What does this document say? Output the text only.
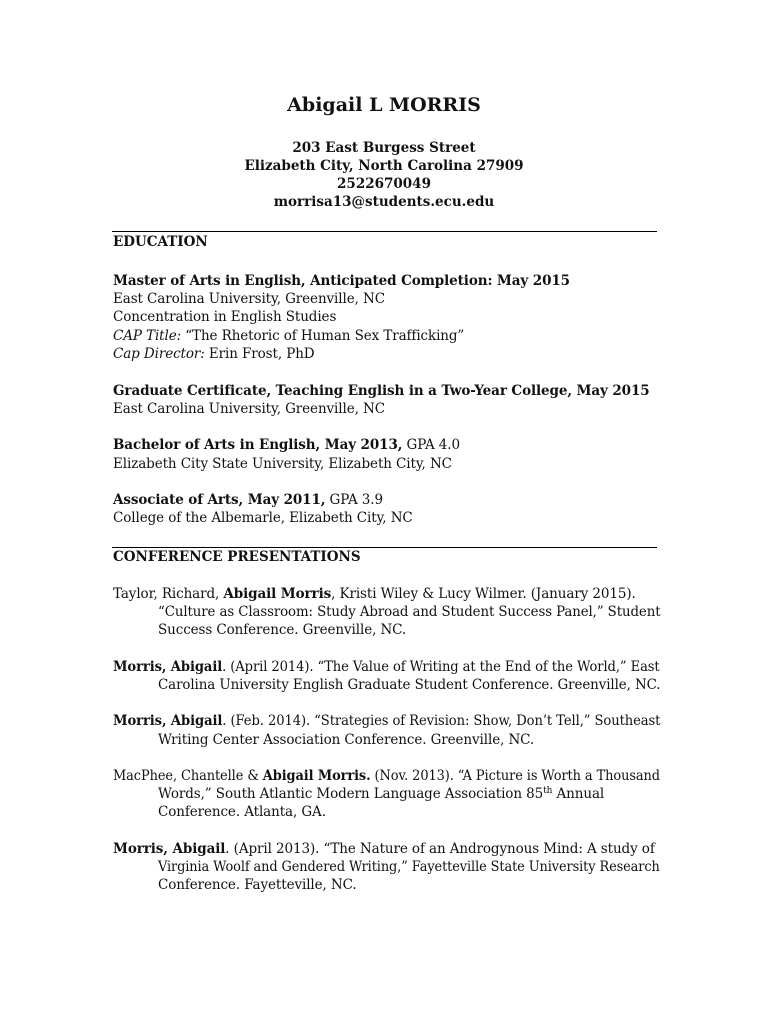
Abigail L MORRIS
203 East Burgess Street
Elizabeth City, North Carolina 27909
2522670049
morrisa13@students.ecu.edu
EDUCATION
Master of Arts in English, Anticipated Completion: May 2015
East Carolina University, Greenville, NC
Concentration in English Studies
CAP Title: “The Rhetoric of Human Sex Trafficking”
Cap Director: Erin Frost, PhD
Graduate Certificate, Teaching English in a Two-Year College, May 2015
East Carolina University, Greenville, NC
Bachelor of Arts in English, May 2013, GPA 4.0
Elizabeth City State University, Elizabeth City, NC
Associate of Arts, May 2011, GPA 3.9
College of the Albemarle, Elizabeth City, NC
CONFERENCE PRESENTATIONS
Taylor, Richard, Abigail Morris, Kristi Wiley & Lucy Wilmer. (January 2015).
“Culture as Classroom: Study Abroad and Student Success Panel,” Student
Success Conference. Greenville, NC.
Morris, Abigail. (April 2014). “The Value of Writing at the End of the World,” East
Carolina University English Graduate Student Conference. Greenville, NC.
Morris, Abigail. (Feb. 2014). “Strategies of Revision: Show, Don’t Tell,” Southeast
Writing Center Association Conference. Greenville, NC.
MacPhee, Chantelle & Abigail Morris. (Nov. 2013). “A Picture is Worth a Thousand
Words,” South Atlantic Modern Language Association 85th Annual
Conference. Atlanta, GA.
Morris, Abigail. (April 2013). “The Nature of an Androgynous Mind: A study of
Virginia Woolf and Gendered Writing,” Fayetteville State University Research
Conference. Fayetteville, NC.
